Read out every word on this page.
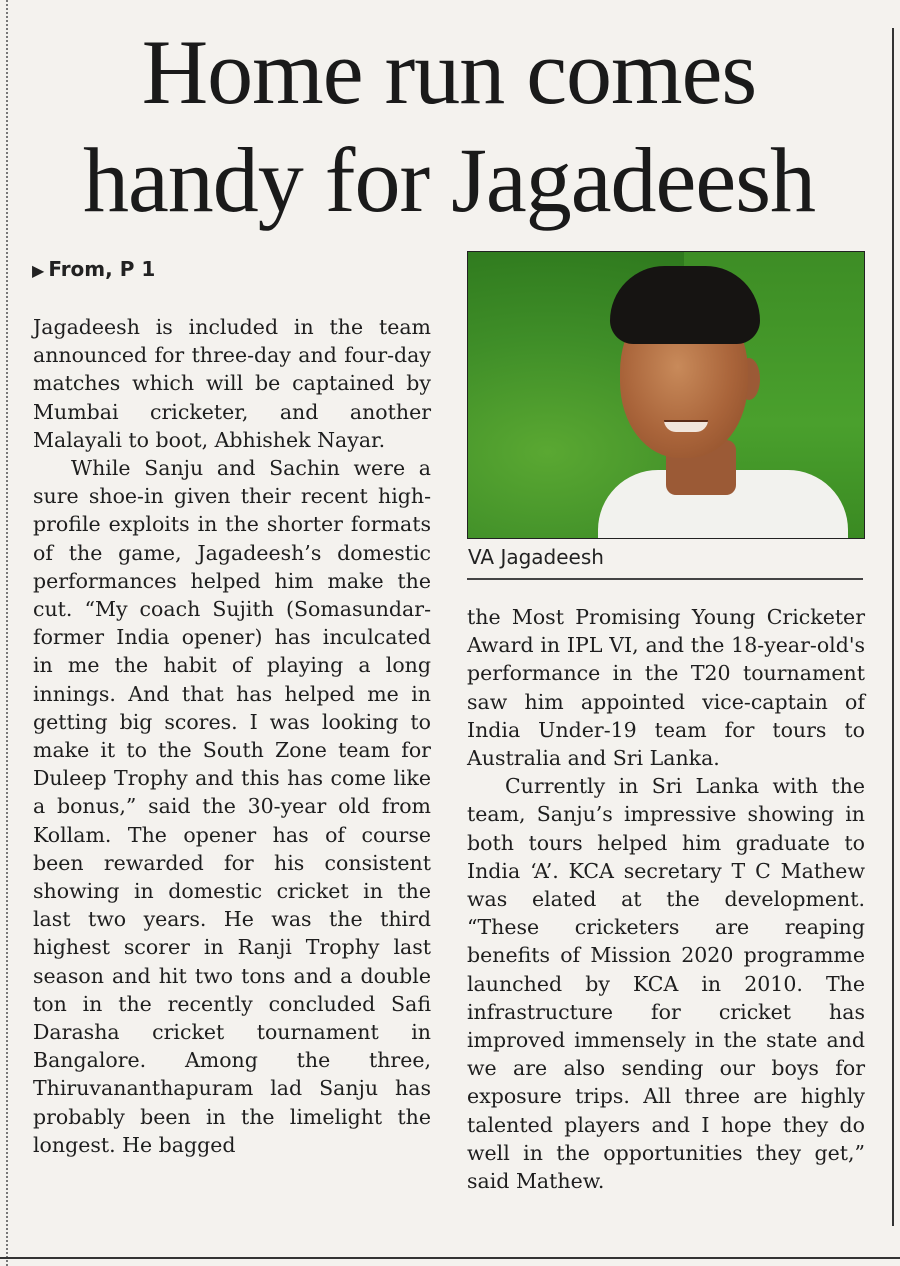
Home run comes
handy for Jagadeesh
▶ From, P 1

Jagadeesh is included in the team announced for three-day and four-day matches which will be captained by Mumbai cricketer, and another Malayali to boot, Abhishek Nayar.

While Sanju and Sachin were a sure shoe-in given their recent high-profile exploits in the shorter formats of the game, Jagadeesh’s domestic performances helped him make the cut. “My coach Sujith (Somasundar- former India opener) has inculcated in me the habit of playing a long innings. And that has helped me in getting big scores. I was looking to make it to the South Zone team for Duleep Trophy and this has come like a bonus,” said the 30-year old from Kollam. The opener has of course been rewarded for his consistent showing in domestic cricket in the last two years. He was the third highest scorer in Ranji Trophy last season and hit two tons and a double ton in the recently concluded Safi Darasha cricket tournament in Bangalore. Among the three, Thiruvananthapuram lad Sanju has probably been in the limelight the longest. He bagged

VA Jagadeesh

the Most Promising Young Cricketer Award in IPL VI, and the 18-year-old's performance in the T20 tournament saw him appointed vice-captain of India Under-19 team for tours to Australia and Sri Lanka.

Currently in Sri Lanka with the team, Sanju’s impressive showing in both tours helped him graduate to India ‘A’. KCA secretary T C Mathew was elated at the development. “These cricketers are reaping benefits of Mission 2020 programme launched by KCA in 2010. The infrastructure for cricket has improved immensely in the state and we are also sending our boys for exposure trips. All three are highly talented players and I hope they do well in the opportunities they get,” said Mathew.
